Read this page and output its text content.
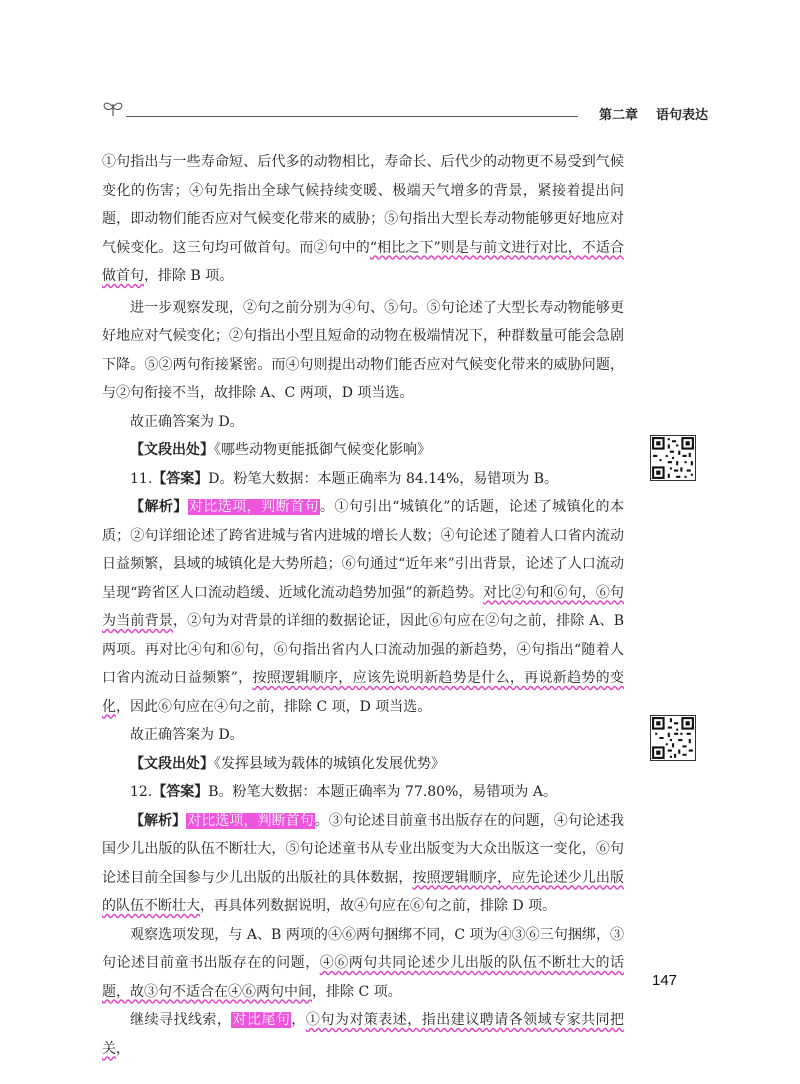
第二章 语句表达

①句指出与一些寿命短、后代多的动物相比，寿命长、后代少的动物更不易受到气候变化的伤害；④句先指出全球气候持续变暖、极端天气增多的背景，紧接着提出问题，即动物们能否应对气候变化带来的威胁；⑤句指出大型长寿动物能够更好地应对气候变化。这三句均可做首句。而②句中的“相比之下”则是与前文进行对比，不适合做首句，排除 B 项。

进一步观察发现，②句之前分别为④句、⑤句。⑤句论述了大型长寿动物能够更好地应对气候变化；②句指出小型且短命的动物在极端情况下，种群数量可能会急剧下降。⑤②两句衔接紧密。而④句则提出动物们能否应对气候变化带来的威胁问题，与②句衔接不当，故排除 A、C 两项，D 项当选。

故正确答案为 D。

【文段出处】《哪些动物更能抵御气候变化影响》

11.【答案】D。粉笔大数据：本题正确率为 84.14%，易错项为 B。

【解析】对比选项，判断首句。①句引出“城镇化”的话题，论述了城镇化的本质；②句详细论述了跨省进城与省内进城的增长人数；④句论述了随着人口省内流动日益频繁，县域的城镇化是大势所趋；⑥句通过“近年来”引出背景，论述了人口流动呈现“跨省区人口流动趋缓、近域化流动趋势加强”的新趋势。对比②句和⑥句，⑥句为当前背景，②句为对背景的详细的数据论证，因此⑥句应在②句之前，排除 A、B 两项。再对比④句和⑥句，⑥句指出省内人口流动加强的新趋势，④句指出“随着人口省内流动日益频繁”，按照逻辑顺序，应该先说明新趋势是什么，再说新趋势的变化，因此⑥句应在④句之前，排除 C 项，D 项当选。

故正确答案为 D。

【文段出处】《发挥县域为载体的城镇化发展优势》

12.【答案】B。粉笔大数据：本题正确率为 77.80%，易错项为 A。

【解析】对比选项，判断首句。③句论述目前童书出版存在的问题，④句论述我国少儿出版的队伍不断壮大，⑤句论述童书从专业出版变为大众出版这一变化，⑥句论述目前全国参与少儿出版的出版社的具体数据，按照逻辑顺序，应先论述少儿出版的队伍不断壮大，再具体列数据说明，故④句应在⑥句之前，排除 D 项。

观察选项发现，与 A、B 两项的④⑥两句捆绑不同，C 项为④③⑥三句捆绑，③句论述目前童书出版存在的问题，④⑥两句共同论述少儿出版的队伍不断壮大的话题，故③句不适合在④⑥两句中间，排除 C 项。

继续寻找线索，对比尾句，①句为对策表述，指出建议聘请各领域专家共同把关，

147
